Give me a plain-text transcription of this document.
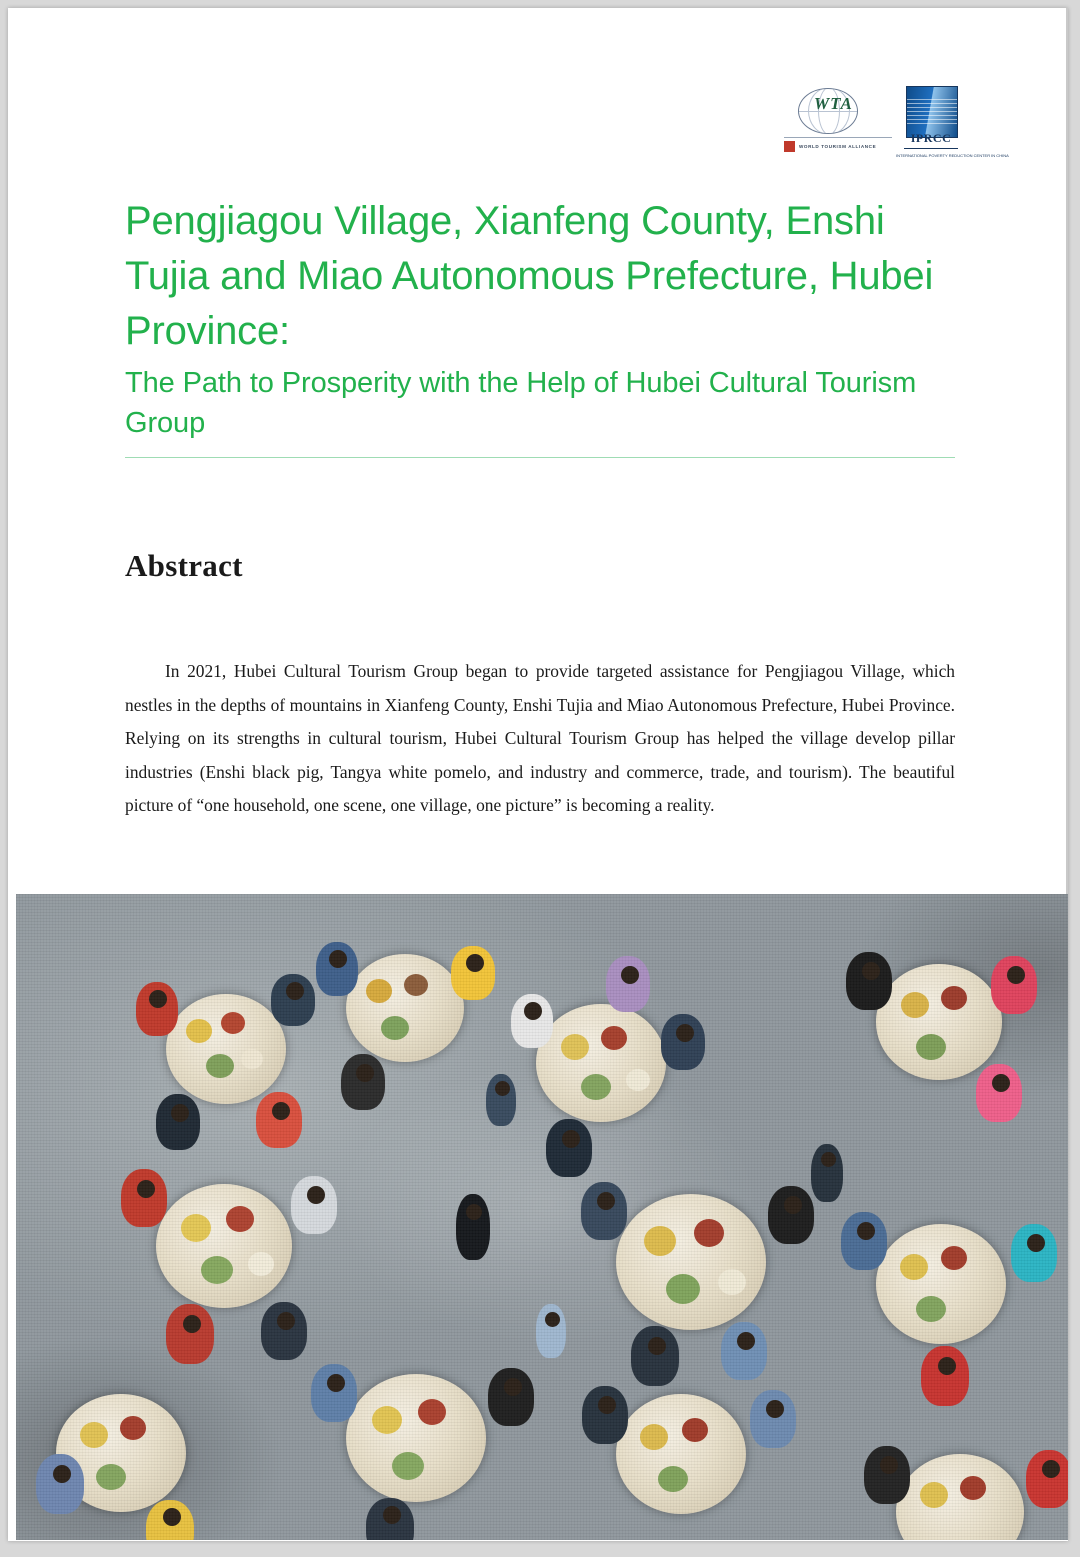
WTA
WORLD TOURISM ALLIANCE
IPRCC
INTERNATIONAL POVERTY REDUCTION CENTER IN CHINA
Pengjiagou Village, Xianfeng County, Enshi Tujia and Miao Autonomous Prefecture, Hubei Province:
The Path to Prosperity with the Help of Hubei Cultural Tourism Group
Abstract

In 2021, Hubei Cultural Tourism Group began to provide targeted assistance for Pengjiagou Village, which nestles in the depths of mountains in Xianfeng County, Enshi Tujia and Miao Autonomous Prefecture, Hubei Province. Relying on its strengths in cultural tourism, Hubei Cultural Tourism Group has helped the village develop pillar industries (Enshi black pig, Tangya white pomelo, and industry and commerce, trade, and tourism). The beautiful picture of “one household, one scene, one village, one picture” is becoming a reality.
